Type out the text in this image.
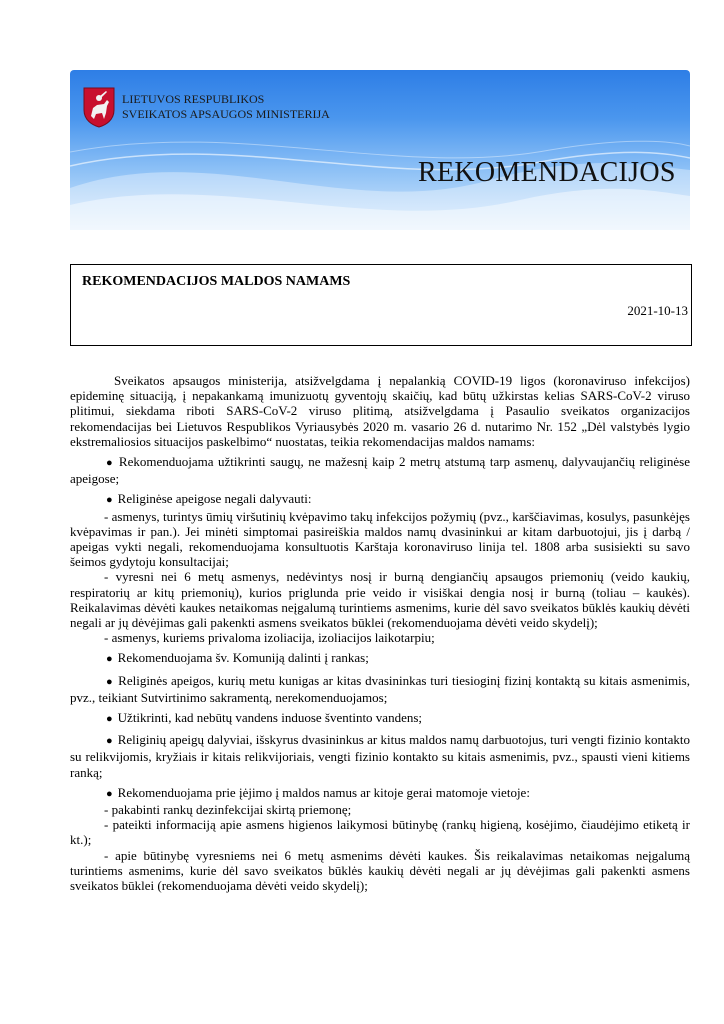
LIETUVOS RESPUBLIKOS
SVEIKATOS APSAUGOS MINISTERIJA
REKOMENDACIJOS
REKOMENDACIJOS MALDOS NAMAMS
2021-10-13

Sveikatos apsaugos ministerija, atsižvelgdama į nepalankią COVID-19 ligos (koronaviruso infekcijos) epideminę situaciją, į nepakankamą imunizuotų gyventojų skaičių, kad būtų užkirstas kelias SARS-CoV-2 viruso plitimui, siekdama riboti SARS-CoV-2 viruso plitimą, atsižvelgdama į Pasaulio sveikatos organizacijos rekomendacijas bei Lietuvos Respublikos Vyriausybės 2020 m. vasario 26 d. nutarimo Nr. 152 „Dėl valstybės lygio ekstremaliosios situacijos paskelbimo“ nuostatas, teikia rekomendacijas maldos namams:

● Rekomenduojama užtikrinti saugų, ne mažesnį kaip 2 metrų atstumą tarp asmenų, dalyvaujančių religinėse apeigose;

● Religinėse apeigose negali dalyvauti:

- asmenys, turintys ūmių viršutinių kvėpavimo takų infekcijos požymių (pvz., karščiavimas, kosulys, pasunkėjęs kvėpavimas ir pan.). Jei minėti simptomai pasireiškia maldos namų dvasininkui ar kitam darbuotojui, jis į darbą / apeigas vykti negali, rekomenduojama konsultuotis Karštaja koronaviruso linija tel. 1808 arba susisiekti su savo šeimos gydytoju konsultacijai;

- vyresni nei 6 metų asmenys, nedėvintys nosį ir burną dengiančių apsaugos priemonių (veido kaukių, respiratorių ar kitų priemonių), kurios priglunda prie veido ir visiškai dengia nosį ir burną (toliau – kaukės). Reikalavimas dėvėti kaukes netaikomas neįgalumą turintiems asmenims, kurie dėl savo sveikatos būklės kaukių dėvėti negali ar jų dėvėjimas gali pakenkti asmens sveikatos būklei (rekomenduojama dėvėti veido skydelį);

- asmenys, kuriems privaloma izoliacija, izoliacijos laikotarpiu;

● Rekomenduojama šv. Komuniją dalinti į rankas;

● Religinės apeigos, kurių metu kunigas ar kitas dvasininkas turi tiesioginį fizinį kontaktą su kitais asmenimis, pvz., teikiant Sutvirtinimo sakramentą, nerekomenduojamos;

● Užtikrinti, kad nebūtų vandens induose šventinto vandens;

● Religinių apeigų dalyviai, išskyrus dvasininkus ar kitus maldos namų darbuotojus, turi vengti fizinio kontakto su relikvijomis, kryžiais ir kitais relikvijoriais, vengti fizinio kontakto su kitais asmenimis, pvz., spausti vieni kitiems ranką;

● Rekomenduojama prie įėjimo į maldos namus ar kitoje gerai matomoje vietoje:

- pakabinti rankų dezinfekcijai skirtą priemonę;

- pateikti informaciją apie asmens higienos laikymosi būtinybę (rankų higieną, kosėjimo, čiaudėjimo etiketą ir kt.);

- apie būtinybę vyresniems nei 6 metų asmenims dėvėti kaukes. Šis reikalavimas netaikomas neįgalumą turintiems asmenims, kurie dėl savo sveikatos būklės kaukių dėvėti negali ar jų dėvėjimas gali pakenkti asmens sveikatos būklei (rekomenduojama dėvėti veido skydelį);
